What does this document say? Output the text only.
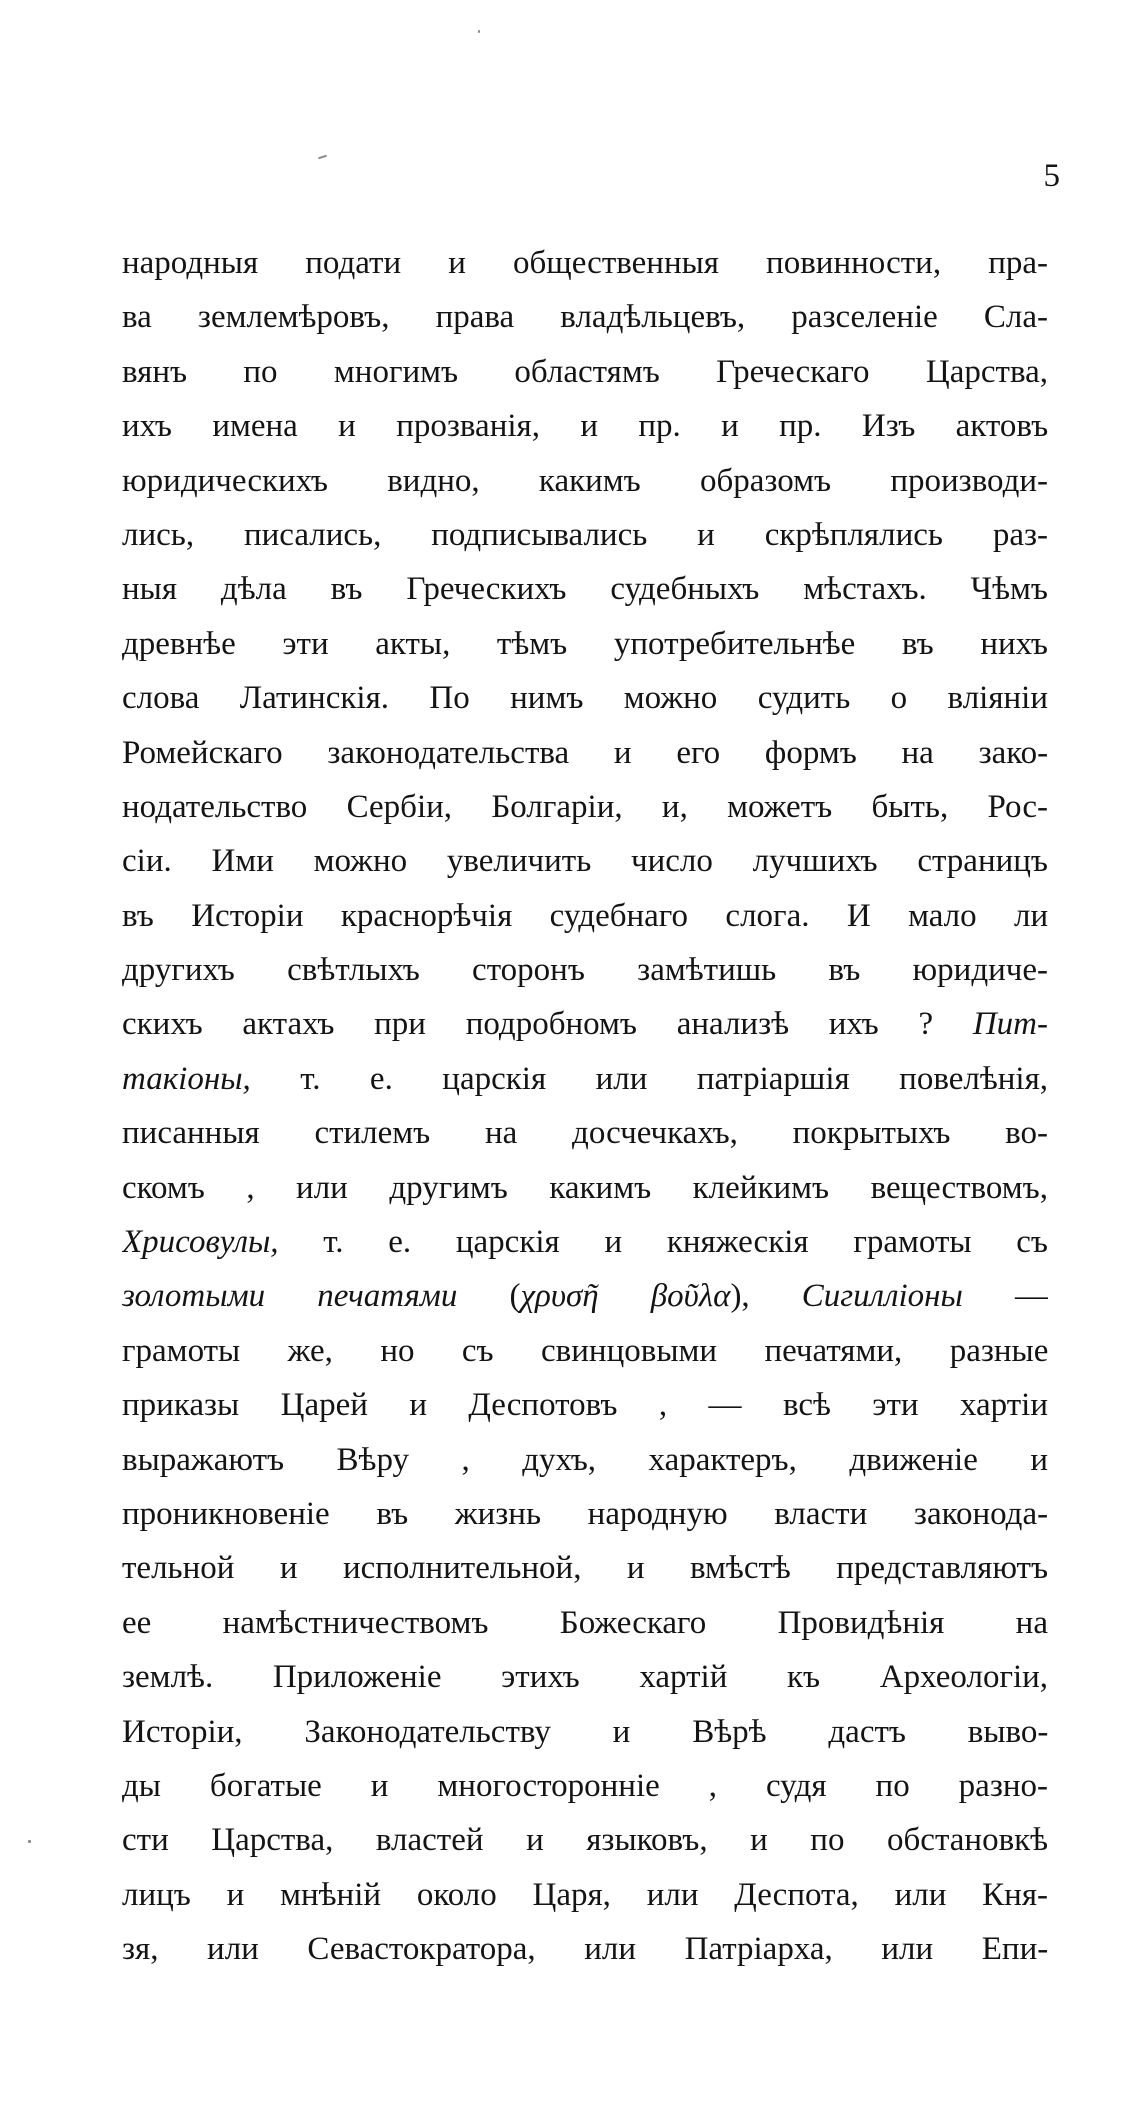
5
народныя подати и общественныя повинности, пра-
ва землемѣровъ, права владѣльцевъ, разселеніе Сла-
вянъ по многимъ областямъ Греческаго Царства,
ихъ имена и прозванія, и пр. и пр. Изъ актовъ
юридическихъ видно, какимъ образомъ производи-
лись, писались, подписывались и скрѣплялись раз-
ныя дѣла въ Греческихъ судебныхъ мѣстахъ. Чѣмъ
древнѣе эти акты, тѣмъ употребительнѣе въ нихъ
слова Латинскія. По нимъ можно судить о вліяніи
Ромейскаго законодательства и его формъ на зако-
нодательство Сербіи, Болгаріи, и, можетъ быть, Рос-
сіи. Ими можно увеличить число лучшихъ страницъ
въ Исторіи краснорѣчія судебнаго слога. И мало ли
другихъ свѣтлыхъ сторонъ замѣтишь въ юридиче-
скихъ актахъ при подробномъ анализѣ ихъ ? Пит-
такіоны, т. е. царскія или патріаршія повелѣнія,
писанныя стилемъ на досчечкахъ, покрытыхъ во-
скомъ , или другимъ какимъ клейкимъ веществомъ,
Хрисовулы, т. е. царскія и княжескія грамоты съ
золотыми печатями (χρυσῆ βοῦλα), Сигилліоны —
грамоты же, но съ свинцовыми печатями, разные
приказы Царей и Деспотовъ , — всѣ эти хартіи
выражаютъ Вѣру , духъ, характеръ, движеніе и
проникновеніе въ жизнь народную власти законода-
тельной и исполнительной, и вмѣстѣ представляютъ
ее намѣстничествомъ Божескаго Провидѣнія на
землѣ. Приложеніе этихъ хартій къ Археологіи,
Исторіи, Законодательству и Вѣрѣ дастъ выво-
ды богатые и многосторонніе , судя по разно-
сти Царства, властей и языковъ, и по обстановкѣ
лицъ и мнѣній около Царя, или Деспота, или Кня-
зя, или Севастократора, или Патріарха, или Епи-
